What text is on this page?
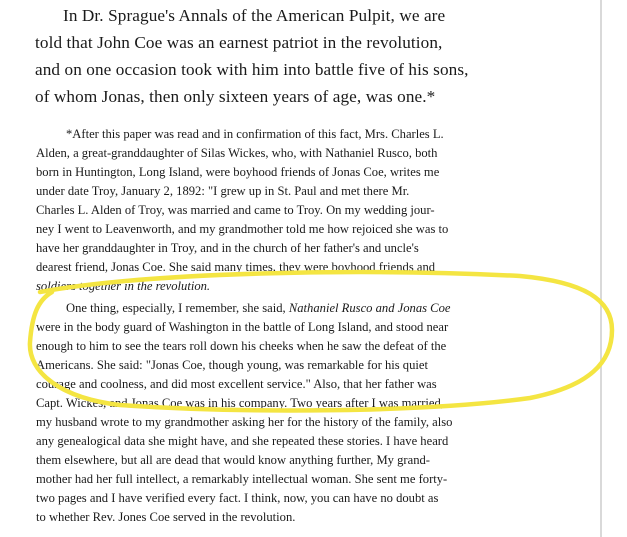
In Dr. Sprague's Annals of the American Pulpit, we are
told that John Coe was an earnest patriot in the revolution,
and on one occasion took with him into battle five of his sons,
of whom Jonas, then only sixteen years of age, was one.*
*After this paper was read and in confirmation of this fact, Mrs. Charles L.
Alden, a great-granddaughter of Silas Wickes, who, with Nathaniel Rusco, both
born in Huntington, Long Island, were boyhood friends of Jonas Coe, writes me
under date Troy, January 2, 1892: "I grew up in St. Paul and met there Mr.
Charles L. Alden of Troy, was married and came to Troy. On my wedding jour-
ney I went to Leavenworth, and my grandmother told me how rejoiced she was to
have her granddaughter in Troy, and in the church of her father's and uncle's
dearest friend, Jonas Coe. She said many times, they were boyhood friends and
soldiers together in the revolution.
One thing, especially, I remember, she said, Nathaniel Rusco and Jonas Coe
were in the body guard of Washington in the battle of Long Island, and stood near
enough to him to see the tears roll down his cheeks when he saw the defeat of the
Americans. She said: "Jonas Coe, though young, was remarkable for his quiet
courage and coolness, and did most excellent service." Also, that her father was
Capt. Wickes, and Jonas Coe was in his company. Two years after I was married,
my husband wrote to my grandmother asking her for the history of the family, also
any genealogical data she might have, and she repeated these stories. I have heard
them elsewhere, but all are dead that would know anything further, My grand-
mother had her full intellect, a remarkably intellectual woman. She sent me forty-
two pages and I have verified every fact. I think, now, you can have no doubt as
to whether Rev. Jones Coe served in the revolution.
